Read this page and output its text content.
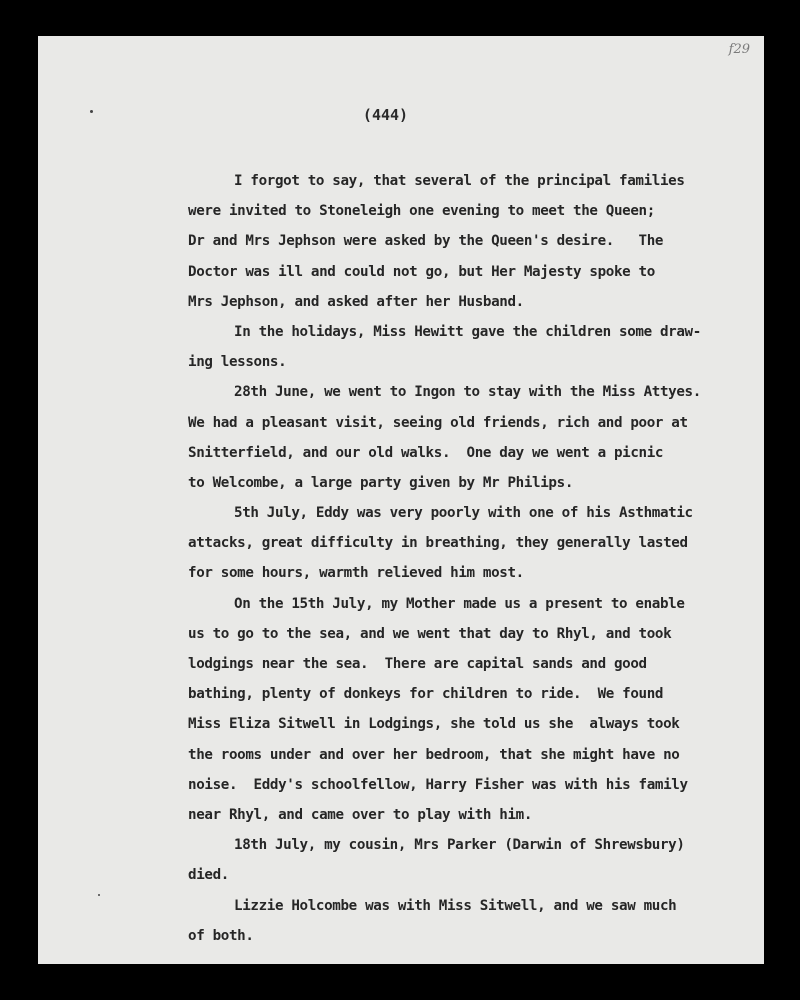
f29
(444)
I forgot to say, that several of the principal families
were invited to Stoneleigh one evening to meet the Queen;
Dr and Mrs Jephson were asked by the Queen's desire.   The
Doctor was ill and could not go, but Her Majesty spoke to
Mrs Jephson, and asked after her Husband.
In the holidays, Miss Hewitt gave the children some draw-
ing lessons.
28th June, we went to Ingon to stay with the Miss Attyes.
We had a pleasant visit, seeing old friends, rich and poor at
Snitterfield, and our old walks.  One day we went a picnic
to Welcombe, a large party given by Mr Philips.
5th July, Eddy was very poorly with one of his Asthmatic
attacks, great difficulty in breathing, they generally lasted
for some hours, warmth relieved him most.
On the 15th July, my Mother made us a present to enable
us to go to the sea, and we went that day to Rhyl, and took
lodgings near the sea.  There are capital sands and good
bathing, plenty of donkeys for children to ride.  We found
Miss Eliza Sitwell in Lodgings, she told us she  always took
the rooms under and over her bedroom, that she might have no
noise.  Eddy's schoolfellow, Harry Fisher was with his family
near Rhyl, and came over to play with him.
18th July, my cousin, Mrs Parker (Darwin of Shrewsbury)
died.
Lizzie Holcombe was with Miss Sitwell, and we saw much
of both.
